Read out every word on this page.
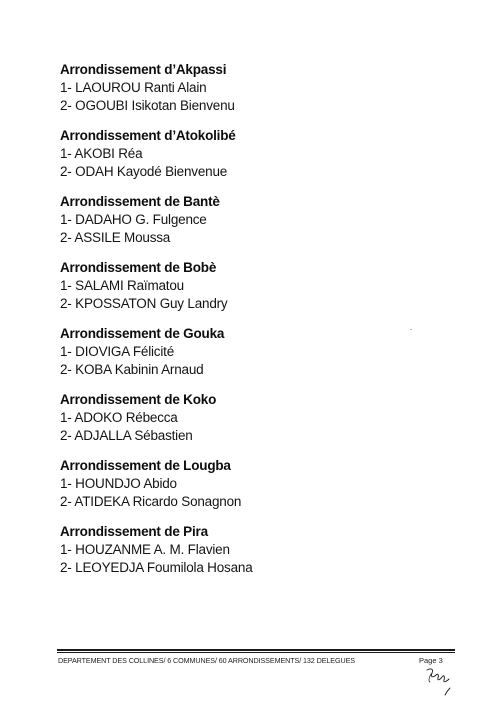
Arrondissement d’Akpassi
1- LAOUROU Ranti Alain
2- OGOUBI Isikotan Bienvenu
Arrondissement d’Atokolibé
1- AKOBI Réa
2- ODAH Kayodé Bienvenue
Arrondissement de Bantè
1- DADAHO G. Fulgence
2- ASSILE Moussa
Arrondissement de Bobè
1- SALAMI Raïmatou
2- KPOSSATON Guy Landry
Arrondissement de Gouka
1- DIOVIGA Félicité
2- KOBA Kabinin Arnaud
Arrondissement de Koko
1- ADOKO Rébecca
2- ADJALLA Sébastien
Arrondissement de Lougba
1- HOUNDJO Abido
2- ATIDEKA Ricardo Sonagnon
Arrondissement de Pira
1- HOUZANME A. M. Flavien
2- LEOYEDJA Foumilola Hosana
DEPARTEMENT DES COLLINES/ 6 COMMUNES/ 60 ARRONDISSEMENTS/ 132 DELEGUES	Page 3
